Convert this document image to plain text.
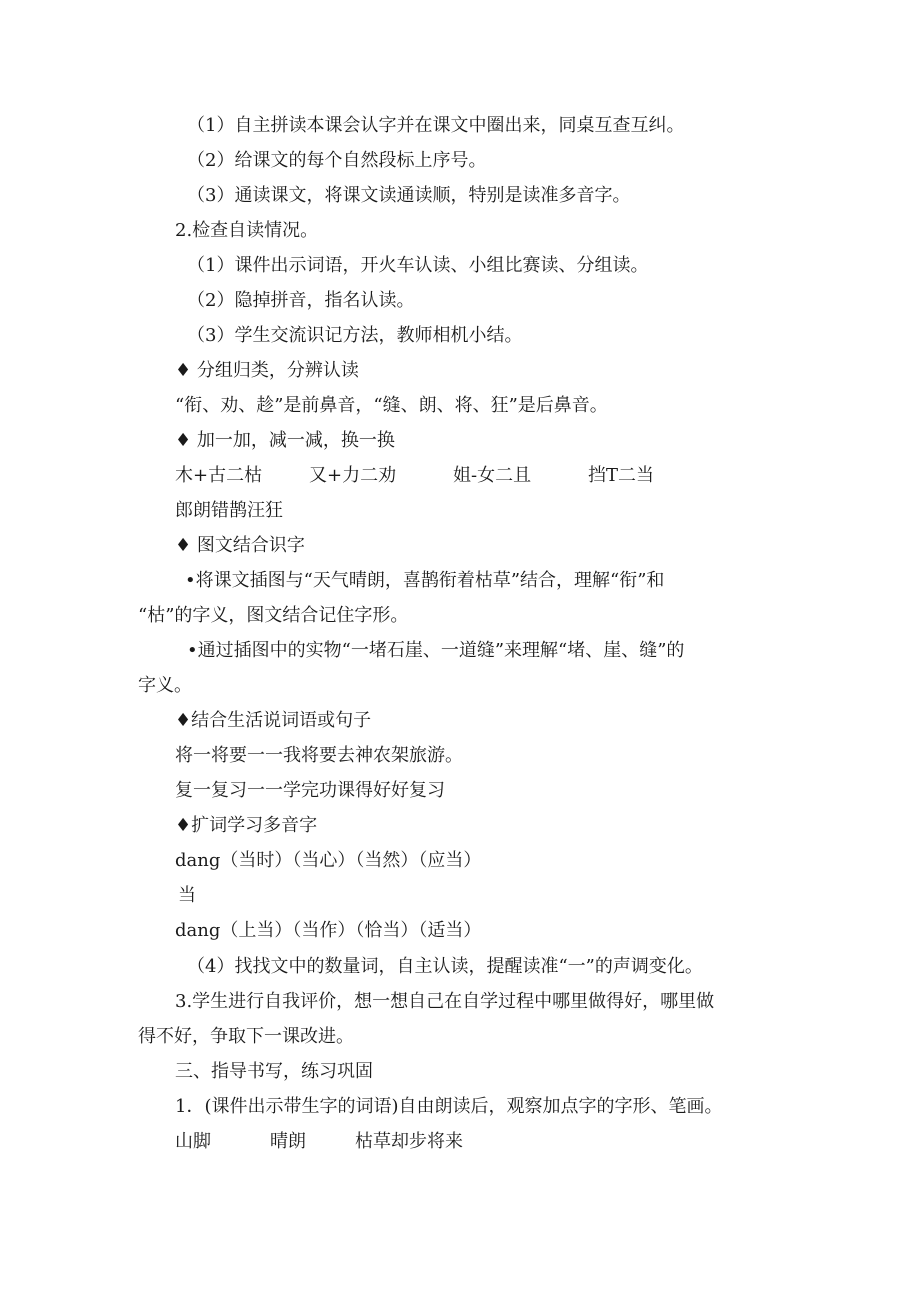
（1）自主拼读本课会认字并在课文中圈出来，同桌互查互纠。
（2）给课文的每个自然段标上序号。
（3）通读课文，将课文读通读顺，特别是读准多音字。
2.检查自读情况。
（1）课件出示词语，开火车认读、小组比赛读、分组读。
（2）隐掉拼音，指名认读。
（3）学生交流识记方法，教师相机小结。
♦ 分组归类，分辨认读
“衔、劝、趁”是前鼻音，“缝、朗、将、狂”是后鼻音。
♦ 加一加，减一减，换一换
木+古二枯	又+力二劝	姐-女二且	挡T二当
郎朗错鹊汪狂
♦ 图文结合识字
•将课文插图与“天气晴朗，喜鹊衔着枯草”结合，理解“衔”和
“枯”的字义，图文结合记住字形。
•通过插图中的实物“一堵石崖、一道缝”来理解“堵、崖、缝”的
字义。
♦结合生活说词语或句子
将一将要一一我将要去神农架旅游。
复一复习一一学完功课得好好复习
♦扩词学习多音字
dang（当时）（当心）（当然）（应当）
当
dang（上当）（当作）（恰当）（适当）
（4）找找文中的数量词，自主认读，提醒读准“一”的声调变化。
3.学生进行自我评价，想一想自己在自学过程中哪里做得好，哪里做
得不好，争取下一课改进。
三、指导书写，练习巩固
1．(课件出示带生字的词语)自由朗读后，观察加点字的字形、笔画。
山脚	晴朗	枯草却步将来
